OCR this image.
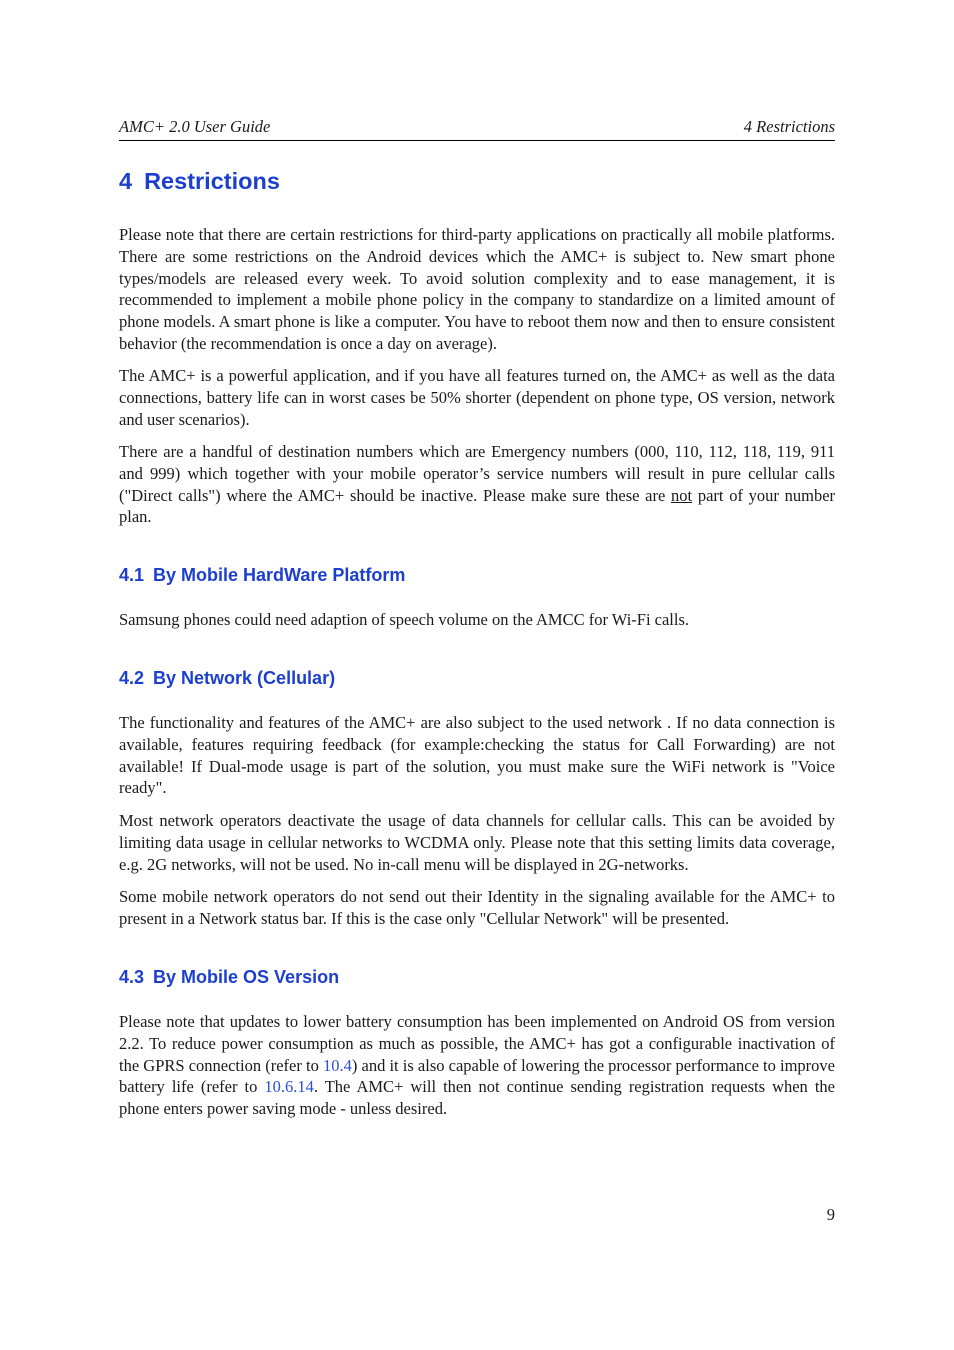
AMC+ 2.0 User Guide	4 Restrictions
4 Restrictions

Please note that there are certain restrictions for third-party applications on practically all mobile platforms. There are some restrictions on the Android devices which the AMC+ is subject to. New smart phone types/models are released every week. To avoid solution complexity and to ease management, it is recommended to implement a mobile phone policy in the company to standardize on a limited amount of phone models. A smart phone is like a computer. You have to reboot them now and then to ensure consistent behavior (the recommendation is once a day on average).

The AMC+ is a powerful application, and if you have all features turned on, the AMC+ as well as the data connections, battery life can in worst cases be 50% shorter (dependent on phone type, OS version, network and user scenarios).

There are a handful of destination numbers which are Emergency numbers (000, 110, 112, 118, 119, 911 and 999) which together with your mobile operator’s service numbers will result in pure cellular calls ("Direct calls") where the AMC+ should be inactive. Please make sure these are not part of your number plan.

4.1 By Mobile HardWare Platform

Samsung phones could need adaption of speech volume on the AMCC for Wi-Fi calls.

4.2 By Network (Cellular)

The functionality and features of the AMC+ are also subject to the used network . If no data connection is available, features requiring feedback (for example:checking the status for Call Forwarding) are not available! If Dual-mode usage is part of the solution, you must make sure the WiFi network is "Voice ready".

Most network operators deactivate the usage of data channels for cellular calls. This can be avoided by limiting data usage in cellular networks to WCDMA only. Please note that this setting limits data coverage, e.g. 2G networks, will not be used. No in-call menu will be displayed in 2G-networks.

Some mobile network operators do not send out their Identity in the signaling available for the AMC+ to present in a Network status bar. If this is the case only "Cellular Network" will be presented.

4.3 By Mobile OS Version

Please note that updates to lower battery consumption has been implemented on Android OS from version 2.2. To reduce power consumption as much as possible, the AMC+ has got a configurable inactivation of the GPRS connection (refer to 10.4) and it is also capable of lowering the processor performance to improve battery life (refer to 10.6.14. The AMC+ will then not continue sending registration requests when the phone enters power saving mode - unless desired.

9
